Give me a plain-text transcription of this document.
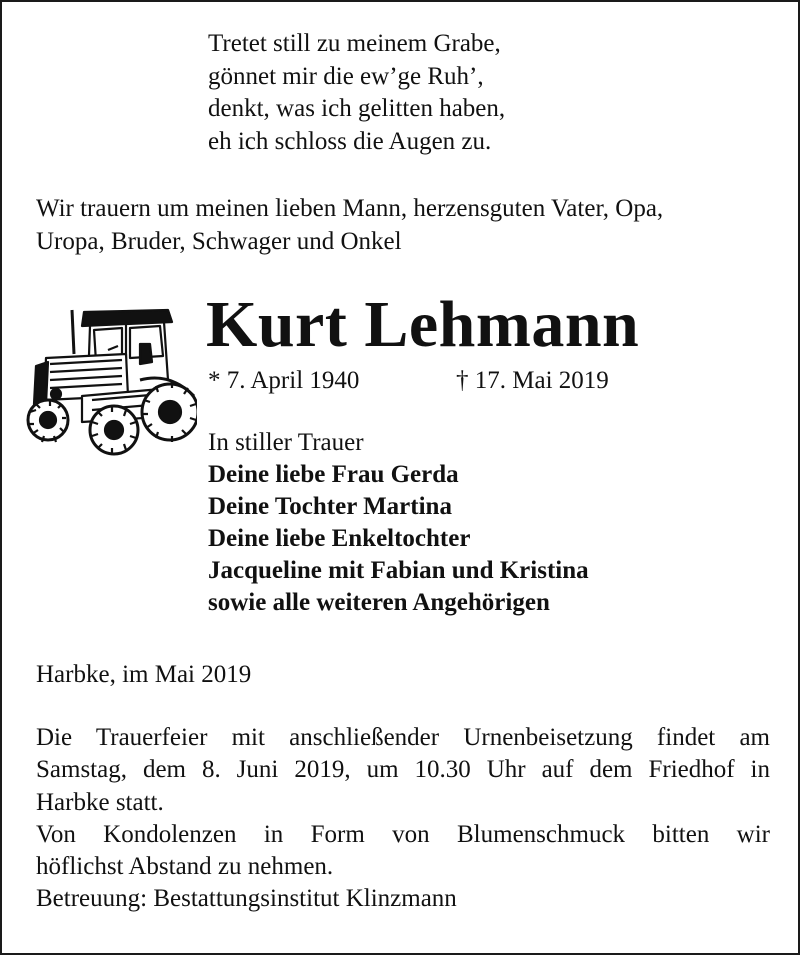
Tretet still zu meinem Grabe,
gönnet mir die ew’ge Ruh’,
denkt, was ich gelitten haben,
eh ich schloss die Augen zu.
Wir trauern um meinen lieben Mann, herzensguten Vater, Opa,
Uropa, Bruder, Schwager und Onkel
Kurt Lehmann
* 7. April 1940	† 17. Mai 2019
In stiller Trauer
Deine liebe Frau Gerda
Deine Tochter Martina
Deine liebe Enkeltochter
Jacqueline mit Fabian und Kristina
sowie alle weiteren Angehörigen
Harbke, im Mai 2019
Die Trauerfeier mit anschließender Urnenbeisetzung findet am
Samstag, dem 8. Juni 2019, um 10.30 Uhr auf dem Friedhof in
Harbke statt.
Von Kondolenzen in Form von Blumenschmuck bitten wir
höflichst Abstand zu nehmen.
Betreuung: Bestattungsinstitut Klinzmann
